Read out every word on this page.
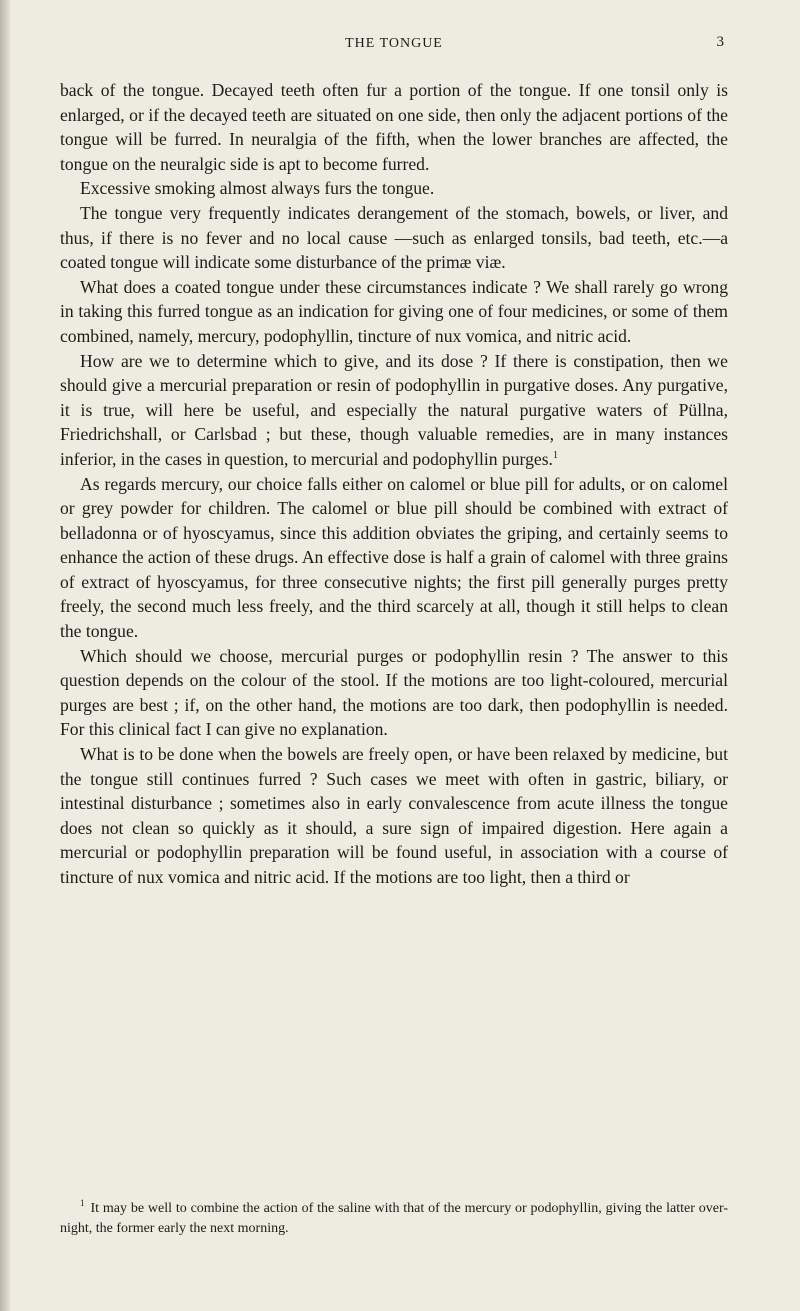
THE TONGUE	3

back of the tongue. Decayed teeth often fur a portion of the tongue. If one tonsil only is enlarged, or if the decayed teeth are situated on one side, then only the adjacent portions of the tongue will be furred. In neuralgia of the fifth, when the lower branches are affected, the tongue on the neuralgic side is apt to become furred.

Excessive smoking almost always furs the tongue.

The tongue very frequently indicates derangement of the stomach, bowels, or liver, and thus, if there is no fever and no local cause —such as enlarged tonsils, bad teeth, etc.—a coated tongue will indicate some disturbance of the primæ viæ.

What does a coated tongue under these circumstances indicate ? We shall rarely go wrong in taking this furred tongue as an indication for giving one of four medicines, or some of them combined, namely, mercury, podophyllin, tincture of nux vomica, and nitric acid.

How are we to determine which to give, and its dose ? If there is constipation, then we should give a mercurial preparation or resin of podophyllin in purgative doses. Any purgative, it is true, will here be useful, and especially the natural purgative waters of Püllna, Friedrichshall, or Carlsbad ; but these, though valuable remedies, are in many instances inferior, in the cases in question, to mercurial and podophyllin purges.$^1$

As regards mercury, our choice falls either on calomel or blue pill for adults, or on calomel or grey powder for children. The calomel or blue pill should be combined with extract of belladonna or of hyoscyamus, since this addition obviates the griping, and certainly seems to enhance the action of these drugs. An effective dose is half a grain of calomel with three grains of extract of hyoscyamus, for three consecutive nights; the first pill generally purges pretty freely, the second much less freely, and the third scarcely at all, though it still helps to clean the tongue.

Which should we choose, mercurial purges or podophyllin resin ? The answer to this question depends on the colour of the stool. If the motions are too light-coloured, mercurial purges are best ; if, on the other hand, the motions are too dark, then podophyllin is needed. For this clinical fact I can give no explanation.

What is to be done when the bowels are freely open, or have been relaxed by medicine, but the tongue still continues furred ? Such cases we meet with often in gastric, biliary, or intestinal disturbance ; sometimes also in early convalescence from acute illness the tongue does not clean so quickly as it should, a sure sign of impaired digestion. Here again a mercurial or podophyllin preparation will be found useful, in association with a course of tincture of nux vomica and nitric acid. If the motions are too light, then a third or

$^1$ It may be well to combine the action of the saline with that of the mercury or podophyllin, giving the latter over-night, the former early the next morning.
